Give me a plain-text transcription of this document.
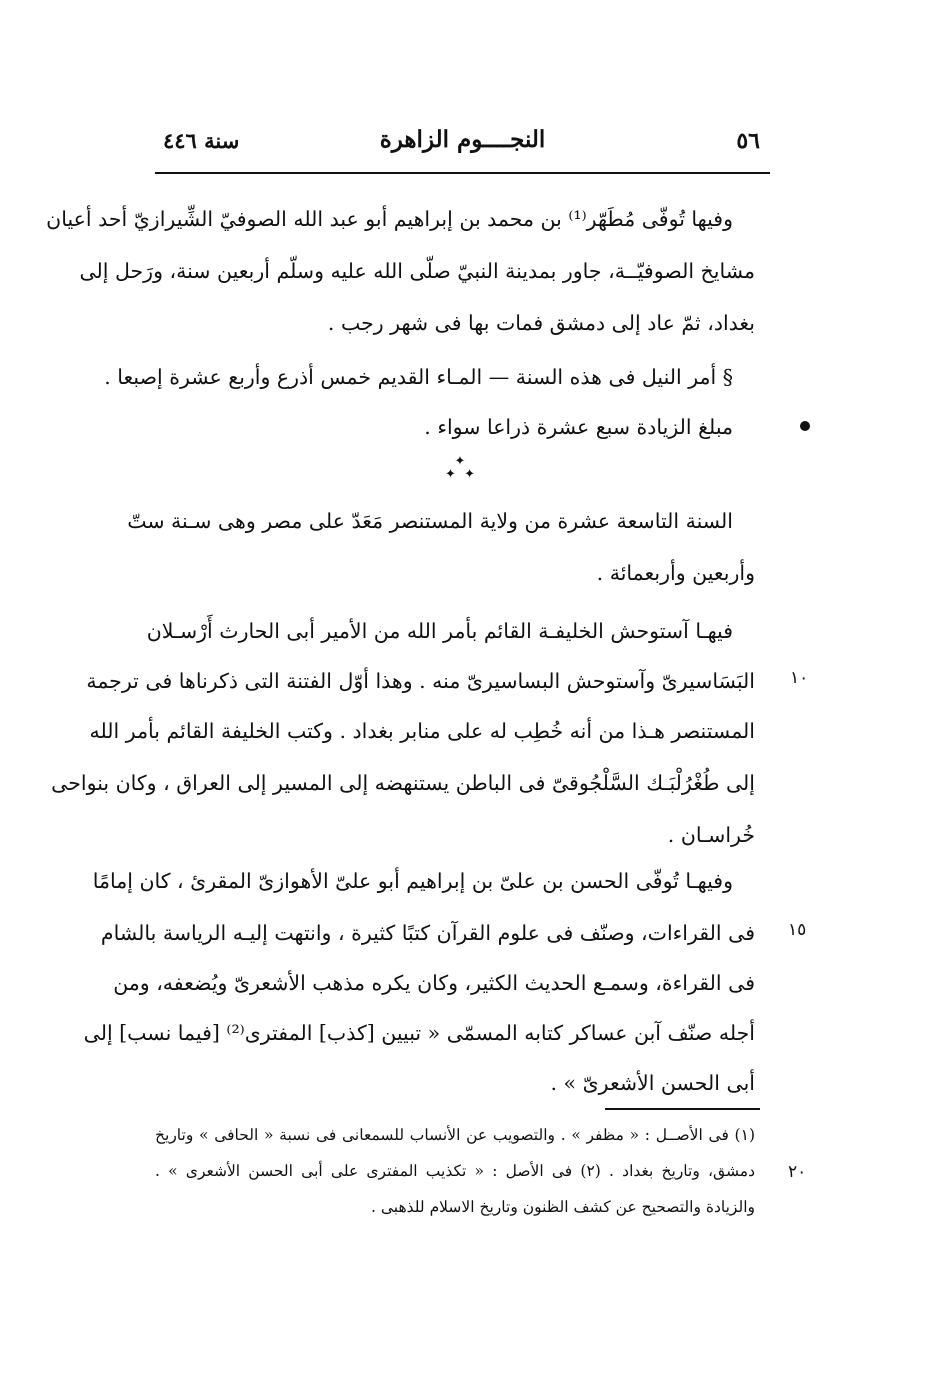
٥٦
النجــــوم الزاهرة
سنة ٤٤٦
وفيها تُوفّى مُطَهّر⁽¹⁾ بن محمد بن إبراهيم أبو عبد الله الصوفيّ الشِّيرازيّ أحد أعيان
مشايخ الصوفيّــة، جاور بمدينة النبيّ صلّى الله عليه وسلّم أربعين سنة، ورَحل إلى
بغداد، ثمّ عاد إلى دمشق فمات بها فى شهر رجب .
§ أمر النيل فى هذه السنة — المـاء القديم خمس أذرع وأربع عشرة إصبعا .
مبلغ الزيادة سبع عشرة ذراعا سواء .
✦
✦  ✦
السنة التاسعة عشرة من ولاية المستنصر مَعَدّ على مصر وهى سـنة ستّ
وأربعين وأربعمائة .
فيهـا آستوحش الخليفـة القائم بأمر الله من الأمير أبى الحارث أَرْسـلان
البَسَاسيرىّ وآستوحش البساسيرىّ منه . وهذا أوّل الفتنة التى ذكرناها فى ترجمة
المستنصر هـذا من أنه خُطِب له على منابر بغداد . وكتب الخليفة القائم بأمر الله
إلى طُغْرُلْبَـك السَّلْجُوقىّ فى الباطن يستنهضه إلى المسير إلى العراق ، وكان بنواحى
خُراسـان .
١٠
وفيهـا تُوفّى الحسن بن علىّ بن إبراهيم أبو علىّ الأهوازىّ المقرئ ، كان إمامًا
فى القراءات، وصنّف فى علوم القرآن كتبًا كثيرة ، وانتهت إليـه الرياسة بالشام
فى القراءة، وسمـع الحديث الكثير، وكان يكره مذهب الأشعرىّ ويُضعفه، ومن
أجله صنّف آبن عساكر كتابه المسمّى « تبيين [كذب] المفترى⁽²⁾ [فيما نسب] إلى
أبى الحسن الأشعرىّ » .
١٥
(١) فى الأصــل : « مظفر » . والتصويب عن الأنساب للسمعانى فى نسبة « الحافى » وتاريخ
دمشق، وتاريخ بغداد . (٢) فى الأصل : « تكذيب المفترى على أبى الحسن الأشعرى » .
والزيادة والتصحيح عن كشف الظنون وتاريخ الاسلام للذهبى .
٢٠
